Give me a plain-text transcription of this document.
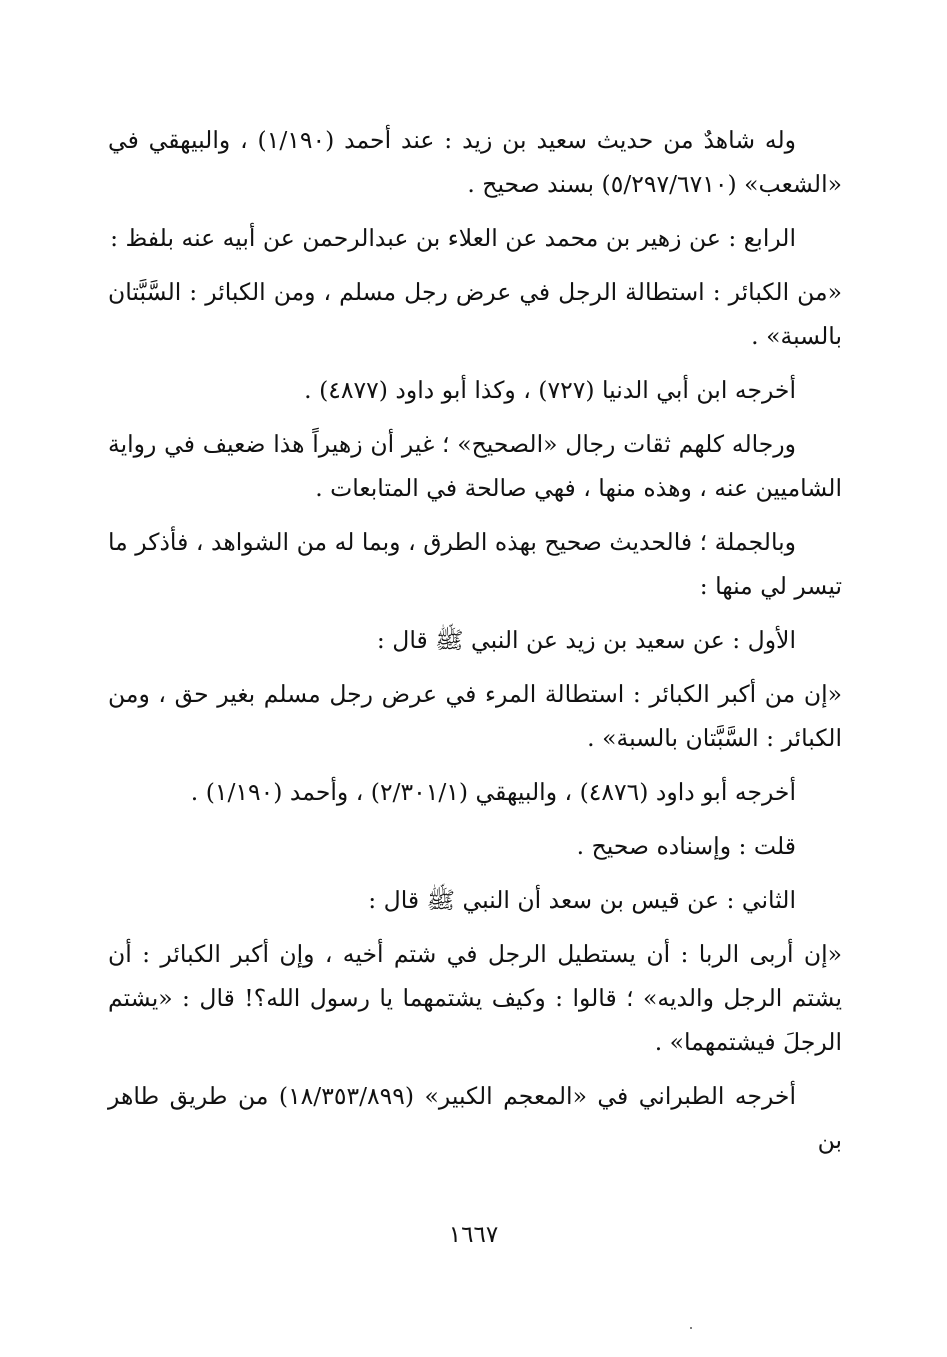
وله شاهدٌ من حديث سعيد بن زيد : عند أحمد (١/١٩٠) ، والبيهقي في «الشعب» (٥/٢٩٧/٦٧١٠) بسند صحيح .

الرابع : عن زهير بن محمد عن العلاء بن عبدالرحمن عن أبيه عنه بلفظ :

«من الكبائر : استطالة الرجل في عرض رجل مسلم ، ومن الكبائر : السَّبَّتان بالسبة» .

أخرجه ابن أبي الدنيا (٧٢٧) ، وكذا أبو داود (٤٨٧٧) .

ورجاله كلهم ثقات رجال «الصحيح» ؛ غير أن زهيراً هذا ضعيف في رواية الشاميين عنه ، وهذه منها ، فهي صالحة في المتابعات .

وبالجملة ؛ فالحديث صحيح بهذه الطرق ، وبما له من الشواهد ، فأذكر ما تيسر لي منها :

الأول : عن سعيد بن زيد عن النبي ﷺ قال :

«إن من أكبر الكبائر : استطالة المرء في عرض رجل مسلم بغير حق ، ومن الكبائر : السَّبَّتان بالسبة» .

أخرجه أبو داود (٤٨٧٦) ، والبيهقي (٢/٣٠١/١) ، وأحمد (١/١٩٠) .

قلت : وإسناده صحيح .

الثاني : عن قيس بن سعد أن النبي ﷺ قال :

«إن أربى الربا : أن يستطيل الرجل في شتم أخيه ، وإن أكبر الكبائر : أن يشتم الرجل والديه» ؛ قالوا : وكيف يشتمهما يا رسول الله؟! قال : «يشتم الرجلَ فيشتمهما» .

أخرجه الطبراني في «المعجم الكبير» (١٨/٣٥٣/٨٩٩) من طريق طاهر بن

١٦٦٧
